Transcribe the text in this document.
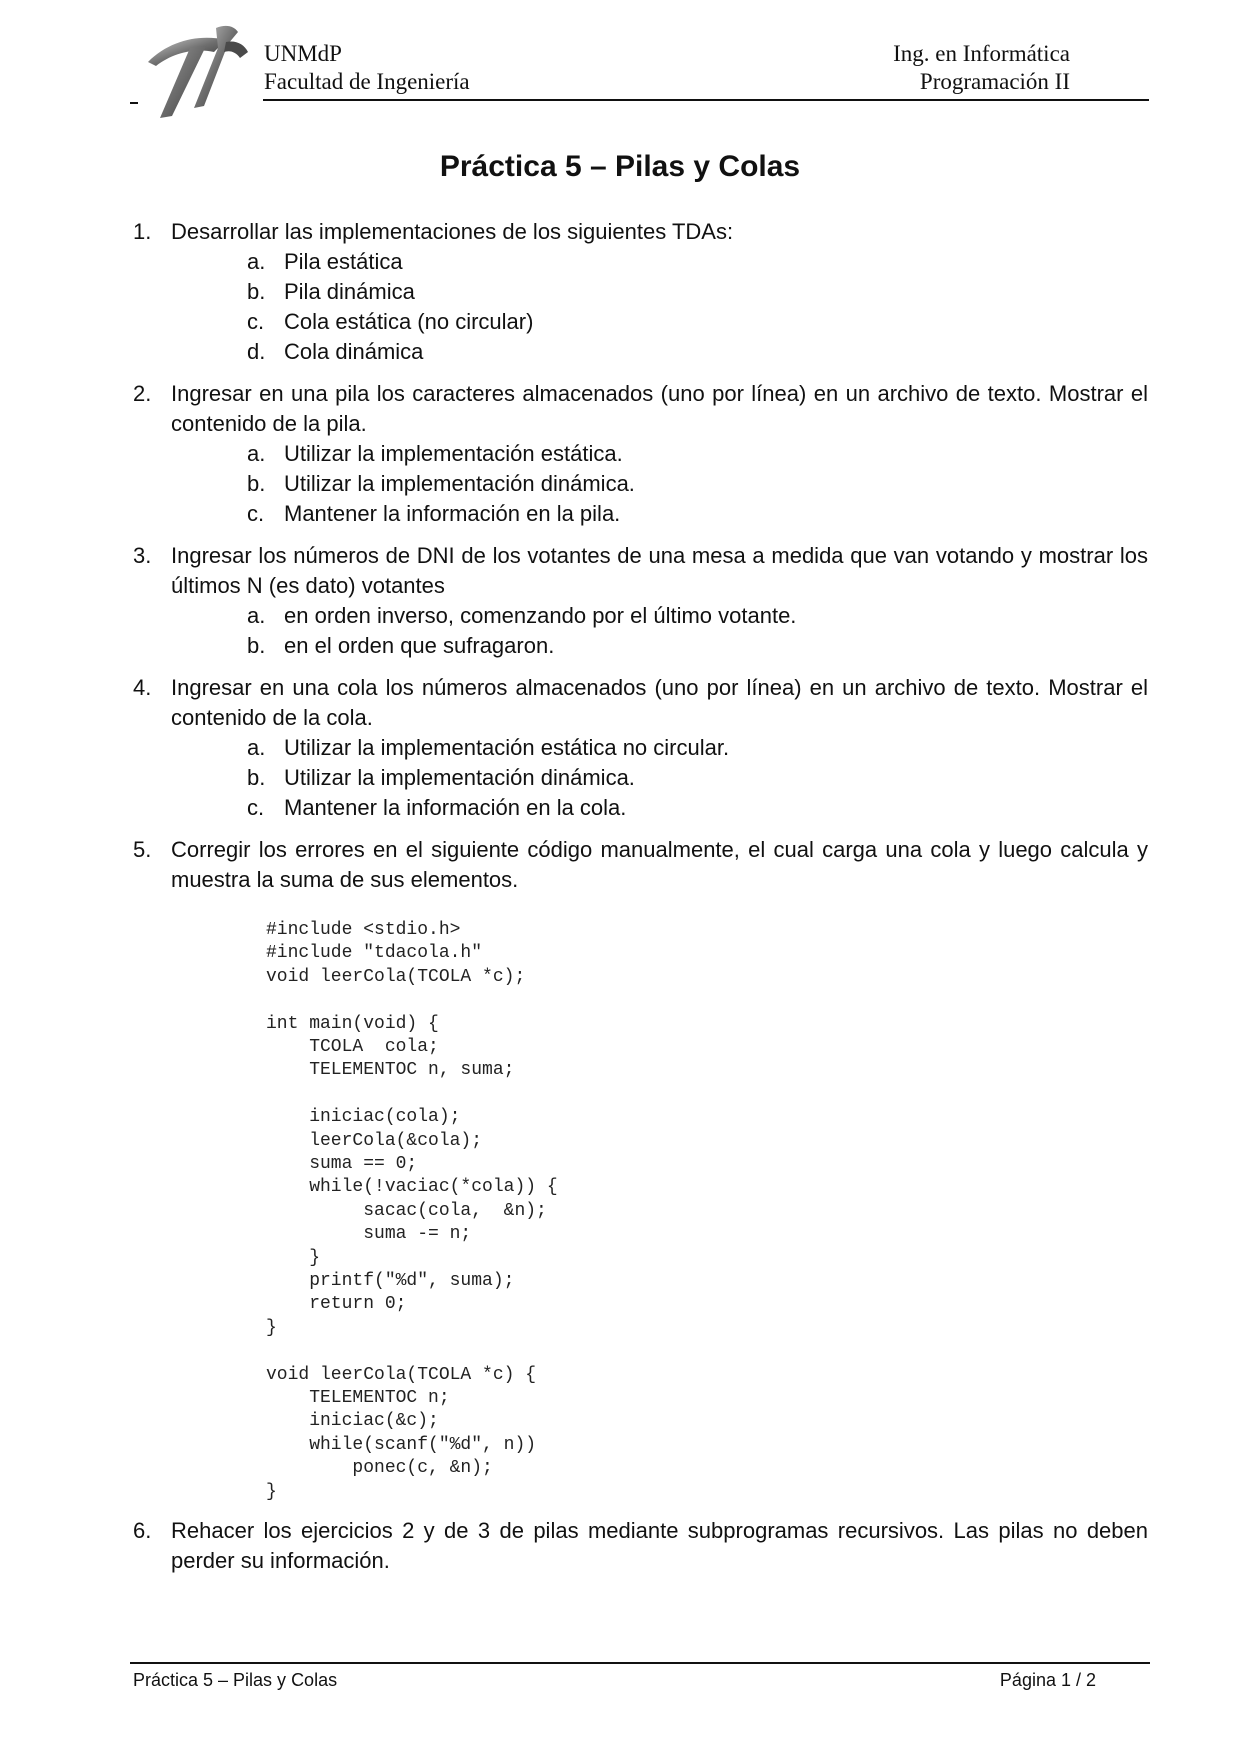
UNMdP
Facultad de Ingeniería
Ing. en Informática
Programación II
Práctica 5 – Pilas y Colas
1. Desarrollar las implementaciones de los siguientes TDAs:
a. Pila estática
b. Pila dinámica
c. Cola estática (no circular)
d. Cola dinámica
2. Ingresar en una pila los caracteres almacenados (uno por línea) en un archivo de texto. Mostrar el contenido de la pila.
a. Utilizar la implementación estática.
b. Utilizar la implementación dinámica.
c. Mantener la información en la pila.
3. Ingresar los números de DNI de los votantes de una mesa a medida que van votando y mostrar los últimos N (es dato) votantes
a. en orden inverso, comenzando por el último votante.
b. en el orden que sufragaron.
4. Ingresar en una cola los números almacenados (uno por línea) en un archivo de texto. Mostrar el contenido de la cola.
a. Utilizar la implementación estática no circular.
b. Utilizar la implementación dinámica.
c. Mantener la información en la cola.
5. Corregir los errores en el siguiente código manualmente, el cual carga una cola y luego calcula y muestra la suma de sus elementos.
#include <stdio.h>
#include "tdacola.h"
void leerCola(TCOLA *c);
int main(void) {
TCOLA  cola;
TELEMENTOC n, suma;
iniciac(cola);
leerCola(&cola);
suma == 0;
while(!vaciac(*cola)) {
sacac(cola,  &n);
suma -= n;
}
printf("%d", suma);
return 0;
}
void leerCola(TCOLA *c) {
TELEMENTOC n;
iniciac(&c);
while(scanf("%d", n))
ponec(c, &n);
}
6. Rehacer los ejercicios 2 y de 3 de pilas mediante subprogramas recursivos. Las pilas no deben perder su información.
Práctica 5 – Pilas y Colas	Página 1 / 2
